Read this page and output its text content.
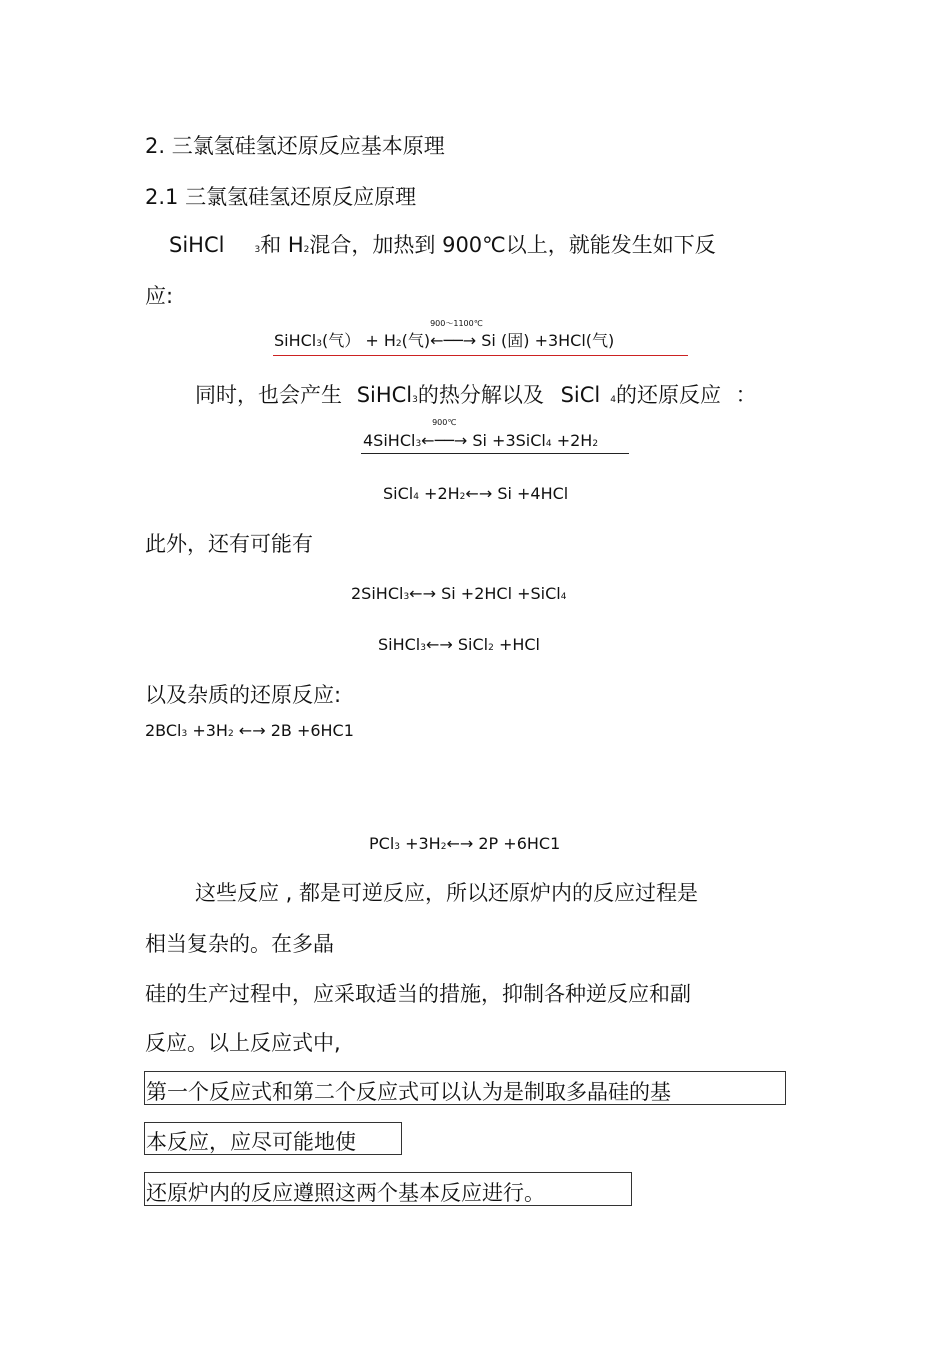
2. 三氯氢硅氢还原反应基本原理
2.1 三氯氢硅氢还原反应原理
SiHCl	3和 H2混合，加热到 900℃以上，就能发生如下反
应:
SiHCl3(气） + H2(气)
900～1100℃
←──→ Si (固) +3HCl(气)
同时，也会产生 SiHCl3的热分解以及 SiCl 4的还原反应 ：
4SiHCl3
900℃
←──→ Si +3SiCl4 +2H2
SiCl4 +2H2←→ Si +4HCl
此外，还有可能有
2SiHCl3←→ Si +2HCl +SiCl4
SiHCl3←→ SiCl2 +HCl
以及杂质的还原反应:
2BCl3 +3H2 ←→ 2B +6HC1
PCl3 +3H2←→ 2P +6HC1
这些反应 , 都是可逆反应，所以还原炉内的反应过程是
相当复杂的。在多晶
硅的生产过程中，应采取适当的措施，抑制各种逆反应和副
反应。以上反应式中,
第一个反应式和第二个反应式可以认为是制取多晶硅的基
本反应，应尽可能地使
还原炉内的反应遵照这两个基本反应进行。
